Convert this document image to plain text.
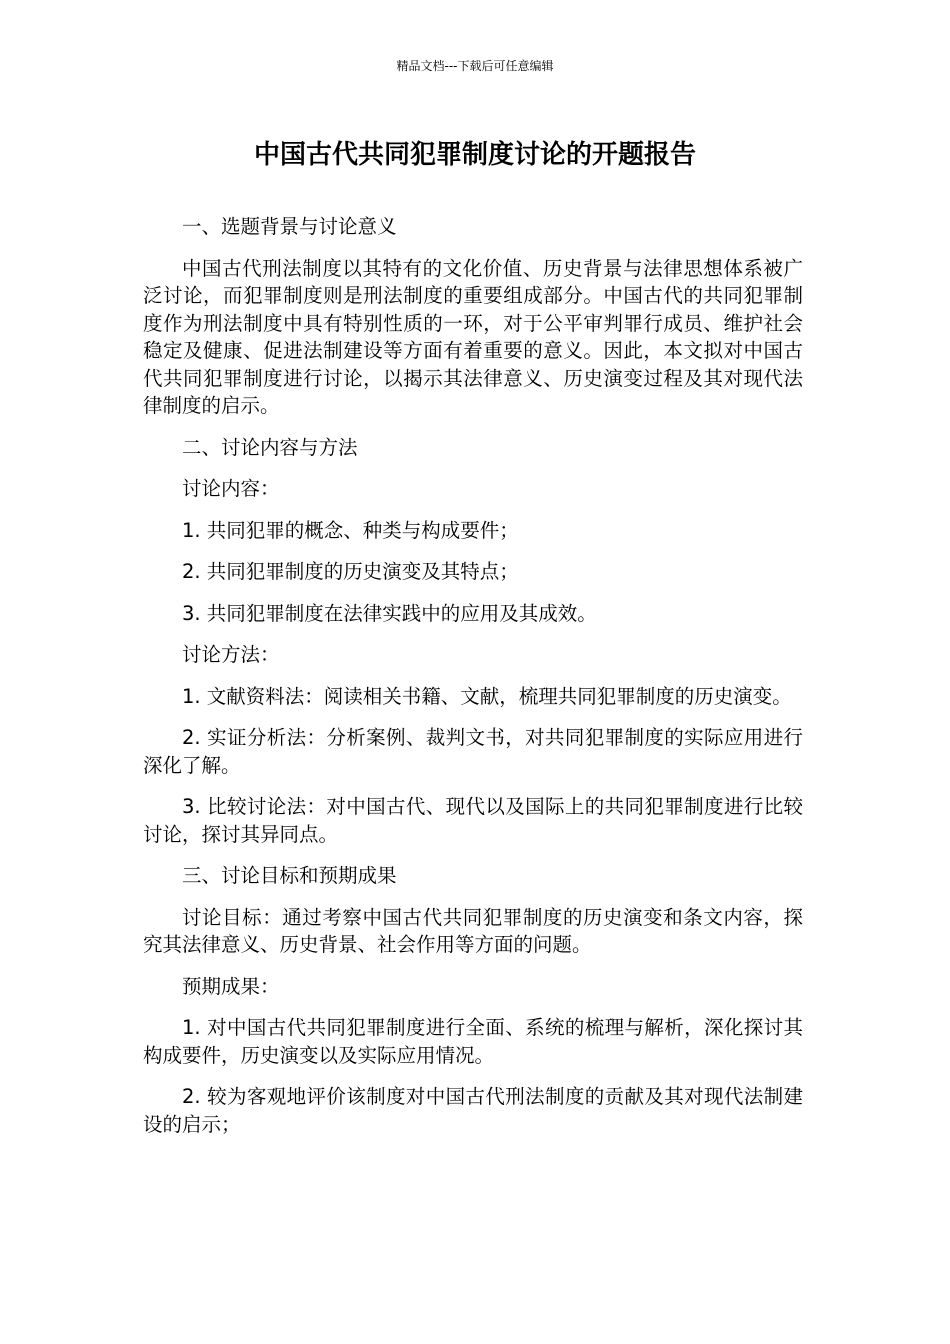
精品文档---下载后可任意编辑
中国古代共同犯罪制度讨论的开题报告

一、选题背景与讨论意义

中国古代刑法制度以其特有的文化价值、历史背景与法律思想体系被广泛讨论，而犯罪制度则是刑法制度的重要组成部分。中国古代的共同犯罪制度作为刑法制度中具有特别性质的一环，对于公平审判罪行成员、维护社会稳定及健康、促进法制建设等方面有着重要的意义。因此，本文拟对中国古代共同犯罪制度进行讨论，以揭示其法律意义、历史演变过程及其对现代法律制度的启示。

二、讨论内容与方法

讨论内容：

1. 共同犯罪的概念、种类与构成要件；

2. 共同犯罪制度的历史演变及其特点；

3. 共同犯罪制度在法律实践中的应用及其成效。

讨论方法：

1. 文献资料法：阅读相关书籍、文献，梳理共同犯罪制度的历史演变。

2. 实证分析法：分析案例、裁判文书，对共同犯罪制度的实际应用进行深化了解。

3. 比较讨论法：对中国古代、现代以及国际上的共同犯罪制度进行比较讨论，探讨其异同点。

三、讨论目标和预期成果

讨论目标：通过考察中国古代共同犯罪制度的历史演变和条文内容，探究其法律意义、历史背景、社会作用等方面的问题。

预期成果：

1. 对中国古代共同犯罪制度进行全面、系统的梳理与解析，深化探讨其构成要件，历史演变以及实际应用情况。

2. 较为客观地评价该制度对中国古代刑法制度的贡献及其对现代法制建设的启示；
